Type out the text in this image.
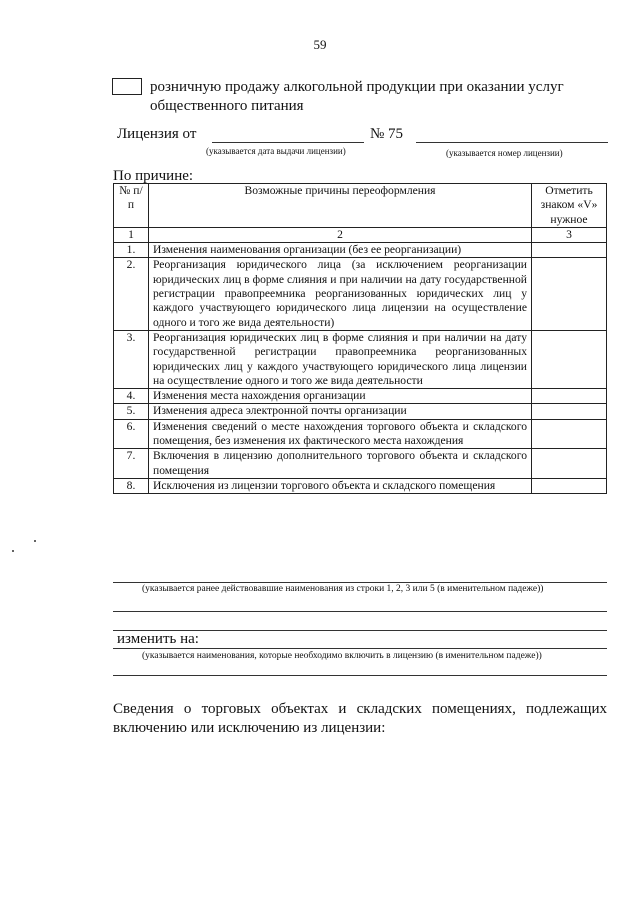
59
розничную продажу алкогольной продукции при оказании услуг
общественного питания
Лицензия от	№ 75
(указывается дата выдачи лицензии)	(указывается номер лицензии)
По причине:
№ п/п	Возможные причины переоформления	Отметить знаком «V» нужное
1	2	3
1.	Изменения наименования организации (без ее реорганизации)	
2.	Реорганизация юридического лица (за исключением реорганизации юридических лиц в форме слияния и при наличии на дату государственной регистрации правопреемника реорганизованных юридических лиц у каждого участвующего юридического лица лицензии на осуществление одного и того же вида деятельности)	
3.	Реорганизация юридических лиц в форме слияния и при наличии на дату государственной регистрации правопреемника реорганизованных юридических лиц у каждого участвующего юридического лица лицензии на осуществление одного и того же вида деятельности	
4.	Изменения места нахождения организации	
5.	Изменения адреса электронной почты организации	
6.	Изменения сведений о месте нахождения торгового объекта и складского помещения, без изменения их фактического места нахождения	
7.	Включения в лицензию дополнительного торгового объекта и складского помещения	
8.	Исключения из лицензии торгового объекта и складского помещения	
(указывается ранее действовавшие наименования из строки 1, 2, 3 или 5 (в именительном падеже))
изменить на:
(указывается наименования, которые необходимо включить в лицензию (в именительном падеже))
Сведения о торговых объектах и складских помещениях, подлежащих включению или исключению из лицензии:
